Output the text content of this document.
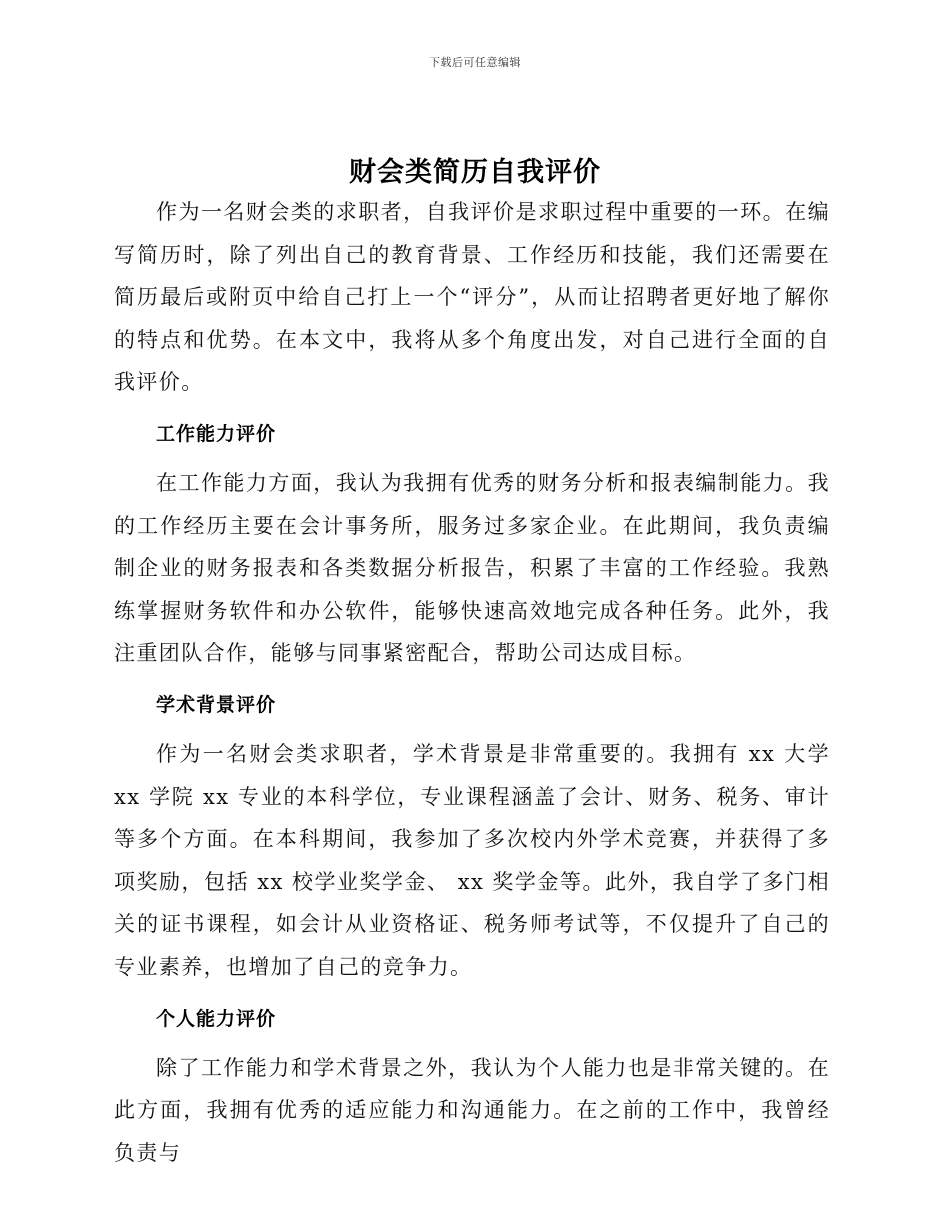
下载后可任意编辑
财会类简历自我评价

作为一名财会类的求职者，自我评价是求职过程中重要的一环。在编写简历时，除了列出自己的教育背景、工作经历和技能，我们还需要在简历最后或附页中给自己打上一个“评分”，从而让招聘者更好地了解你的特点和优势。在本文中，我将从多个角度出发，对自己进行全面的自我评价。

工作能力评价

在工作能力方面，我认为我拥有优秀的财务分析和报表编制能力。我的工作经历主要在会计事务所，服务过多家企业。在此期间，我负责编制企业的财务报表和各类数据分析报告，积累了丰富的工作经验。我熟练掌握财务软件和办公软件，能够快速高效地完成各种任务。此外，我注重团队合作，能够与同事紧密配合，帮助公司达成目标。

学术背景评价

作为一名财会类求职者，学术背景是非常重要的。我拥有 xx 大学 xx 学院 xx 专业的本科学位，专业课程涵盖了会计、财务、税务、审计等多个方面。在本科期间，我参加了多次校内外学术竞赛，并获得了多项奖励，包括 xx 校学业奖学金、 xx 奖学金等。此外，我自学了多门相关的证书课程，如会计从业资格证、税务师考试等，不仅提升了自己的专业素养，也增加了自己的竞争力。

个人能力评价

除了工作能力和学术背景之外，我认为个人能力也是非常关键的。在此方面，我拥有优秀的适应能力和沟通能力。在之前的工作中，我曾经负责与
